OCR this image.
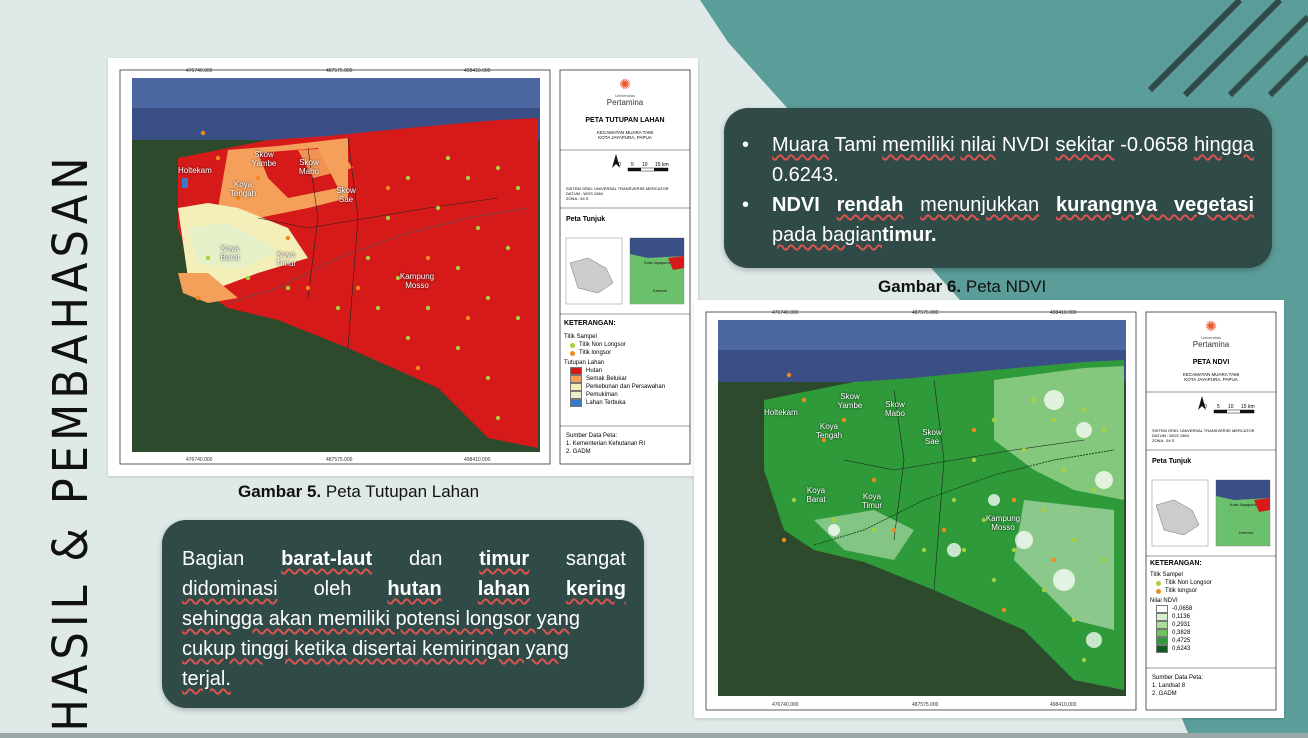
HASIL & PEMBAHASAN
476740.000	487575.000	498410.000
476740.000	487575.000	498410.000
Holtekam
Skow Yambe	Skow Mabo
Koya Tengah	Skow Sae
Koya Barat	Koya Timur
Kampung Mosso
✺
Universitas
Pertamina
PETA TUTUPAN LAHAN
KECAMATAN MUARA TAMI
KOTA JAYAPURA, PAPUA
0 5 10 15 km
SISTEM GRID: UNIVERSAL TRANSVERSE MERCATOR
DATUM : WGS 1984
ZONA : 54 S
Peta Tunjuk
Kota Jayapura
Keerom
KETERANGAN:
Titik Sampel
Titik Non Longsor
Titik longsor
Tutupan Lahan
Hutan
Semak Belukar
Perkebunan dan Persawahan
Pemukiman
Lahan Terbuka
Sumber Data Peta:
1. Kementerian Kehutanan RI
2. GADM
Gambar 5. Peta Tutupan Lahan
476740.000	487575.000	498410.000
476740.000	487575.000	498410.000
Holtekam
Skow Yambe	Skow Mabo
Koya Tengah	Skow Sae
Koya Barat	Koya Timur
Kampung Mosso
✺
Universitas
Pertamina
PETA NDVI
KECAMATAN MUARA TAMI
KOTA JAYAPURA, PAPUA
0 5 10 15 km
SISTEM GRID: UNIVERSAL TRANSVERSE MERCATOR
DATUM : WGS 1984
ZONA : 54 S
Peta Tunjuk
Kota Jayapura
Keerom
KETERANGAN:
Titik Sampel
Titik Non Longsor
Titik longsor
Nilai NDVI
-0,0658
0,1136
0,2931
0,3828
0,4725
0,6243
Sumber Data Peta:
1. Landsat 8
2. GADM
Gambar 6. Peta NDVI
•	Muara Tami memiliki nilai NVDI sekitar -0.0658 hingga 0.6243.
•	NDVI rendah menunjukkan kurangnya vegetasi pada bagiantimur.
Bagian barat-laut dan timur sangat
didominasi oleh hutan lahan kering
sehingga akan memiliki potensi longsor yang
cukup tinggi ketika disertai kemiringan yang
terjal.
